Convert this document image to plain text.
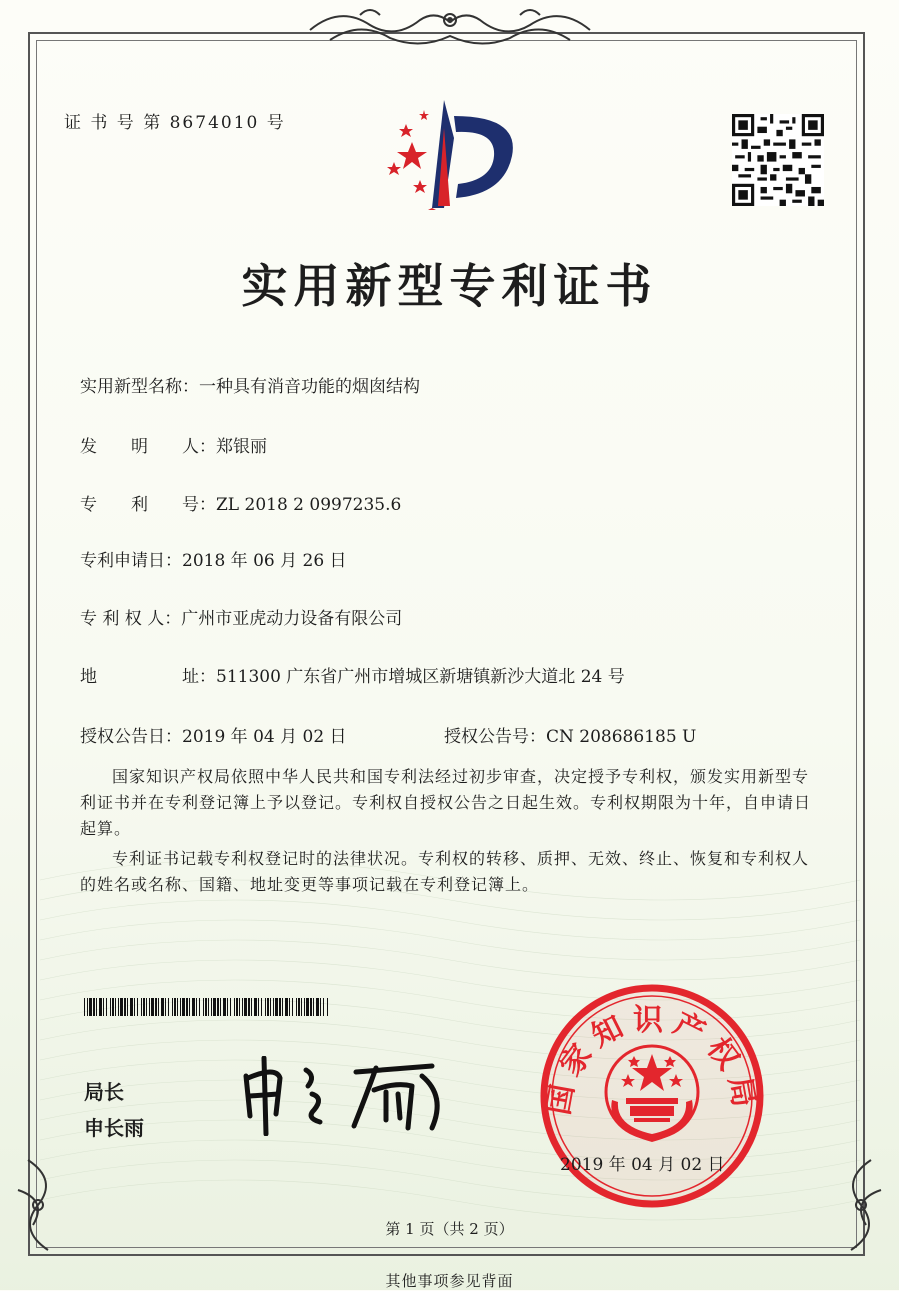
证 书 号 第 8674010 号
实用新型专利证书
实用新型名称：一种具有消音功能的烟囱结构
发　　明　　人：郑银丽
专　　利　　号：ZL 2018 2 0997235.6
专利申请日：2018 年 06 月 26 日
专 利 权 人：广州市亚虎动力设备有限公司
地　　　　　址：511300 广东省广州市增城区新塘镇新沙大道北 24 号
授权公告日：2019 年 04 月 02 日	授权公告号：CN 208686185 U
国家知识产权局依照中华人民共和国专利法经过初步审查，决定授予专利权，颁发实用新型专利证书并在专利登记簿上予以登记。专利权自授权公告之日起生效。专利权期限为十年，自申请日起算。
专利证书记载专利权登记时的法律状况。专利权的转移、质押、无效、终止、恢复和专利权人的姓名或名称、国籍、地址变更等事项记载在专利登记簿上。
局长
申长雨
国家知识产权局
2019 年 04 月 02 日
第 1 页（共 2 页）
其他事项参见背面
